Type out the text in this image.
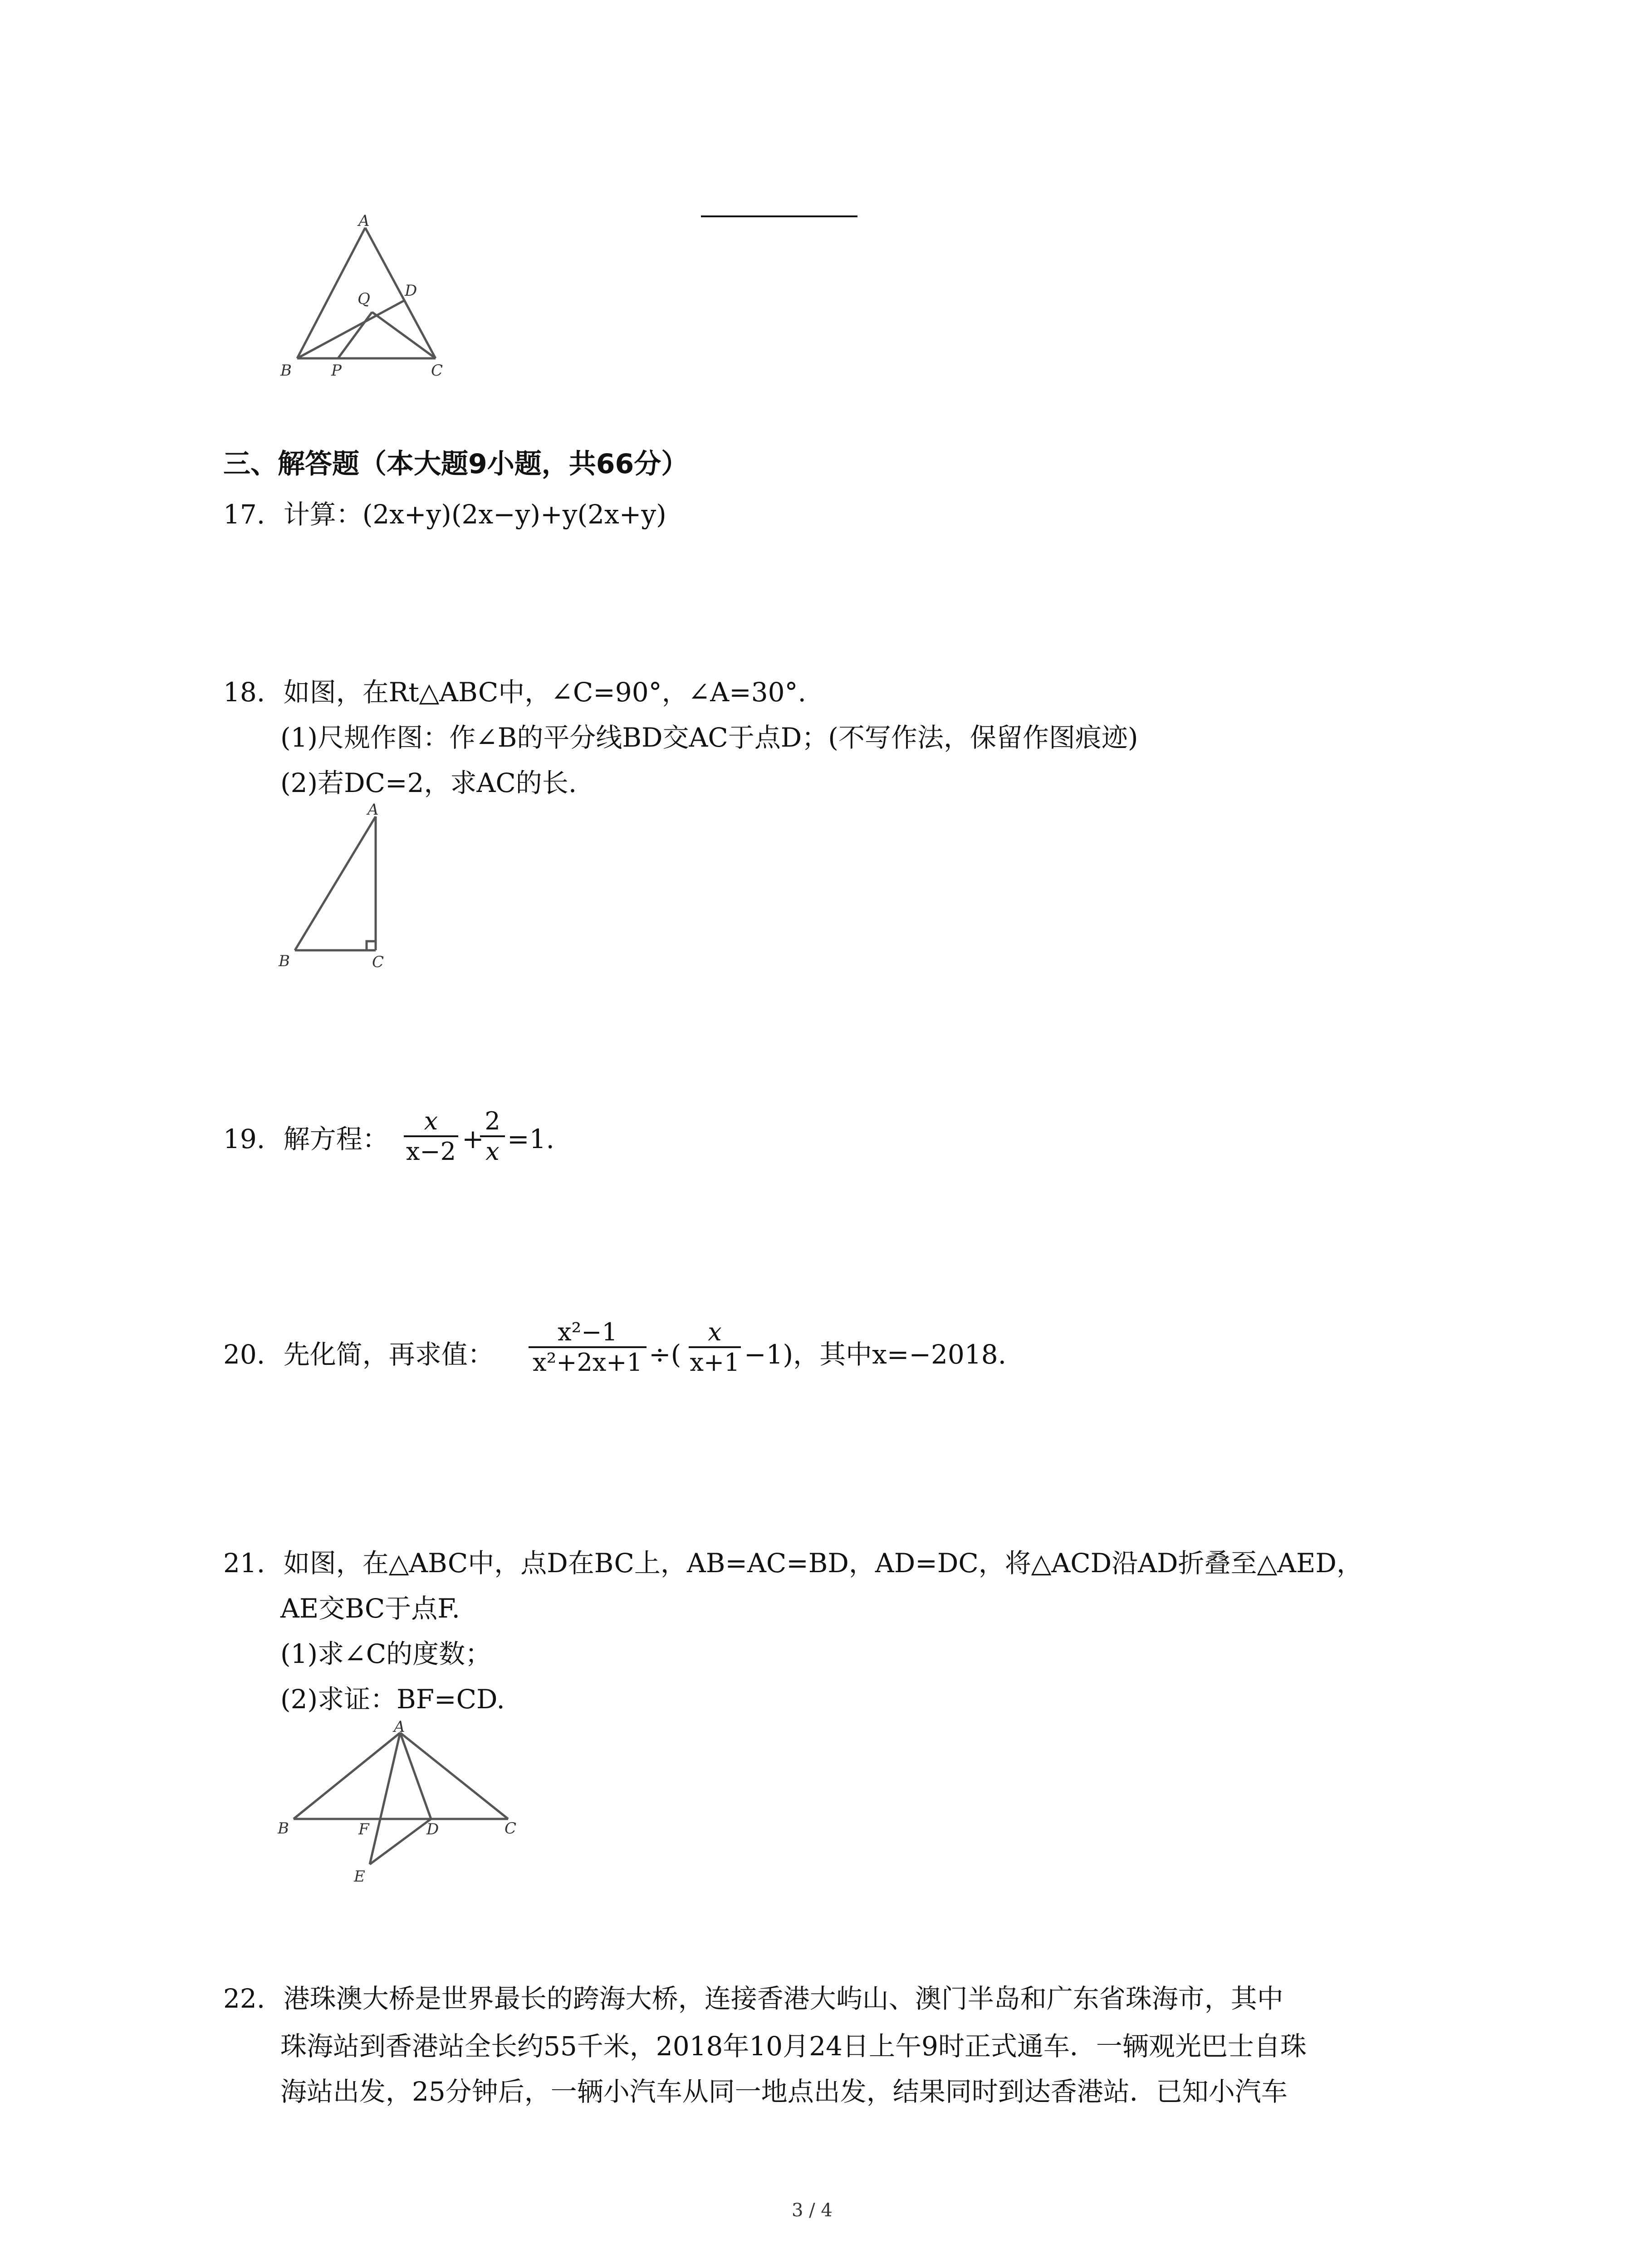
A
D
Q
B	P	C
三、解答题（本大题9小题，共66分）
17. 计算：(2x+y)(2x−y)+y(2x+y)
18. 如图，在Rt△ABC中，∠C=90°，∠A=30°.
(1)尺规作图：作∠B的平分线BD交AC于点D；(不写作法，保留作图痕迹)
(2)若DC=2，求AC的长.
A
B	C
19. 解方程： $\frac{x}{x-2}$ +
$\frac{2}{x} =1$.
20. 先化简，再求值： $\frac{\text{x²−1}}{\text{x²+2x+1}}$ ÷( $\frac{x}{x+1} -1$)，其中x=−2018.
21. 如图，在△ABC中，点D在BC上，AB=AC=BD，AD=DC，将△ACD沿AD折叠至△AED，
AE交BC于点F.
(1)求∠C的度数；
(2)求证：BF=CD.
A
B	F	D	C
E
22. 港珠澳大桥是世界最长的跨海大桥，连接香港大屿山、澳门半岛和广东省珠海市，其中
珠海站到香港站全长约55千米，2018年10月24日上午9时正式通车．一辆观光巴士自珠
海站出发，25分钟后，一辆小汽车从同一地点出发，结果同时到达香港站．已知小汽车
3 / 4
